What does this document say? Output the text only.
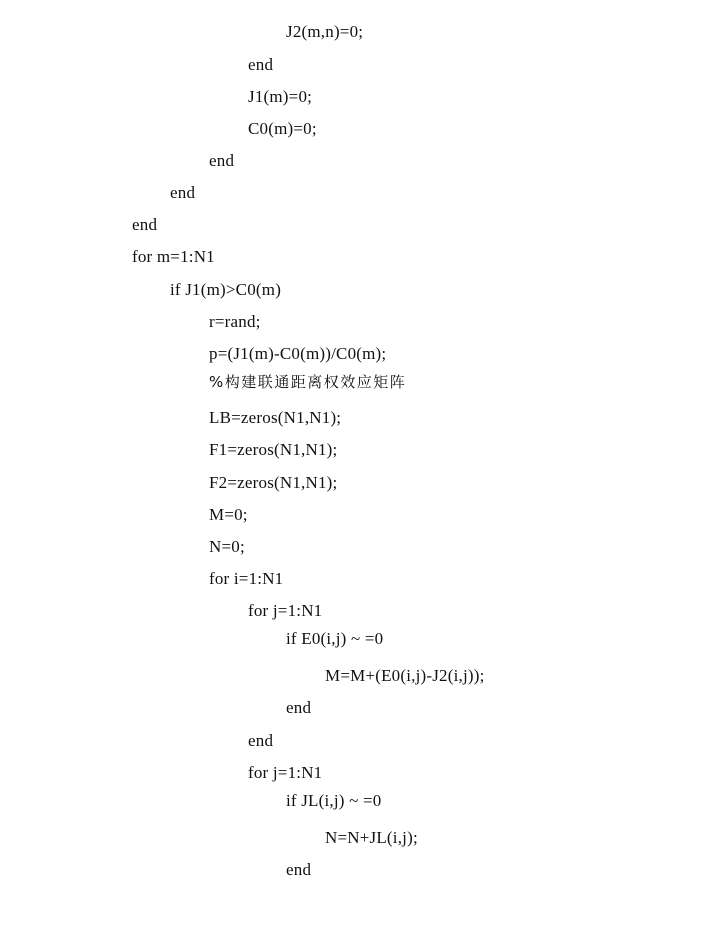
J2(m,n)=0;
end
J1(m)=0;
C0(m)=0;
end
end
end
for m=1:N1
if J1(m)>C0(m)
r=rand;
p=(J1(m)-C0(m))/C0(m);
%构建联通距离权效应矩阵
LB=zeros(N1,N1);
F1=zeros(N1,N1);
F2=zeros(N1,N1);
M=0;
N=0;
for i=1:N1
for j=1:N1
if E0(i,j) ~ =0
M=M+(E0(i,j)-J2(i,j));
end
end
for j=1:N1
if JL(i,j) ~ =0
N=N+JL(i,j);
end
